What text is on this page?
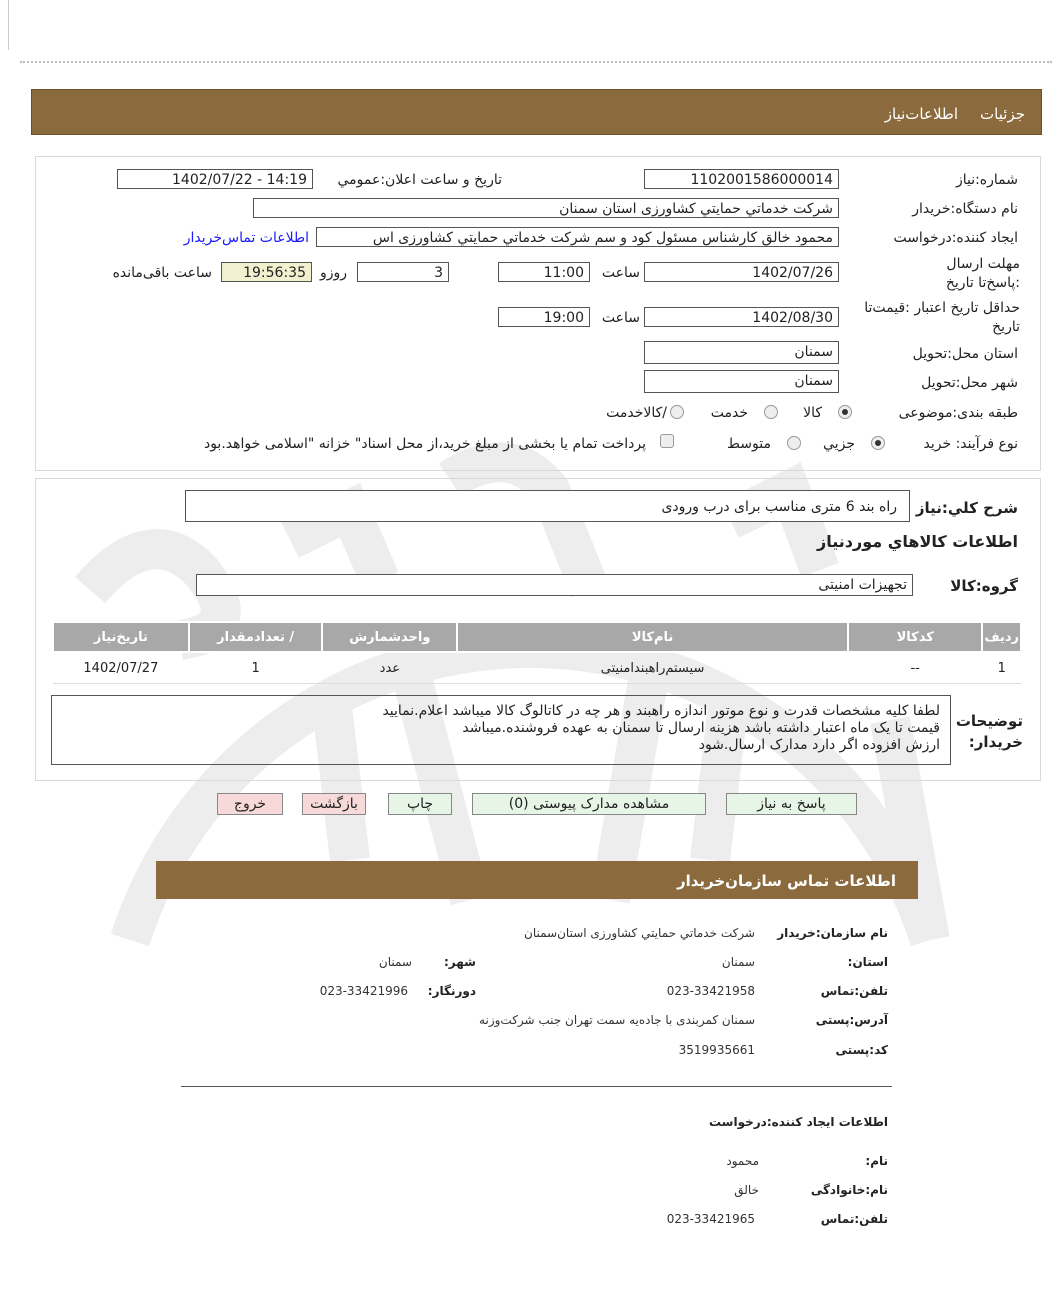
جزئیات
اطلاعات‌نیاز
شماره:نیاز
1102001586000014
تاریخ و ساعت اعلان:عمومي
1402/07/22 - 14:19
نام دستگاه:خریدار
شرکت خدماتي حمايتي کشاورزی استان سمنان
ایجاد کننده:درخواست
محمود خالق کارشناس مسئول کود و سم شرکت خدماتي حمايتي کشاورزی اس
اطلاعات تماس‌خریدار
مهلت ارسال :پاسخ‌تا تاریخ
1402/07/26
ساعت
11:00
3
روزو
19:56:35
ساعت باقی‌مانده
حداقل تاریخ اعتبار :قیمت‌تا تاریخ
1402/08/30
ساعت
19:00
استان محل:تحویل
سمنان
شهر محل:تحویل
سمنان
طبقه بندی:موضوعی
کالا
خدمت
/کالاخدمت
نوع فرآیند: خرید
جزیي
متوسط
پرداخت تمام یا بخشی از مبلغ خرید،از محل اسناد" خزانه "اسلامی خواهد.بود
شرح کلي:نیاز
راه بند 6 متری مناسب برای درب ورودی
اطلاعات کالاهاي موردنياز
گروه:کالا
تجهیزات امنیتی
ردیف	کدکالا	نام‌کالا	واحدشمارش	/ تعدادمقدار	تاریخ‌نیاز
1	--	سیستم‌راهبندامنیتی	عدد	1	1402/07/27
توضیحات خریدار:
لطفا کلیه مشخصات قدرت و نوع موتور اندازه راهبند و هر چه در کاتالوگ کالا میباشد اعلام.نمایید
قیمت تا یک ماه اعتبار داشته باشد هزینه ارسال تا سمنان به عهده فروشنده.میباشد
ارزش افزوده اگر دارد مدارک ارسال.شود
پاسخ به نیاز
مشاهده مدارک پیوستی (0)
چاپ
بازگشت
خروج
اطلاعات تماس سازمان‌خریدار
نام سازمان:خریدار
شرکت خدماتي حمايتي کشاورزی استان‌سمنان
استان:
سمنان
شهر:
سمنان
تلفن:تماس
023-33421958
دورنگار:
023-33421996
آدرس:پستی
سمنان کمربندی با جاده‌یه سمت تهران جنب شرکت‌وزنه
کد:پستی
3519935661
اطلاعات ایجاد کننده:درخواست
نام:
محمود
نام:خانوادگی
خالق
تلفن:تماس
023-33421965
